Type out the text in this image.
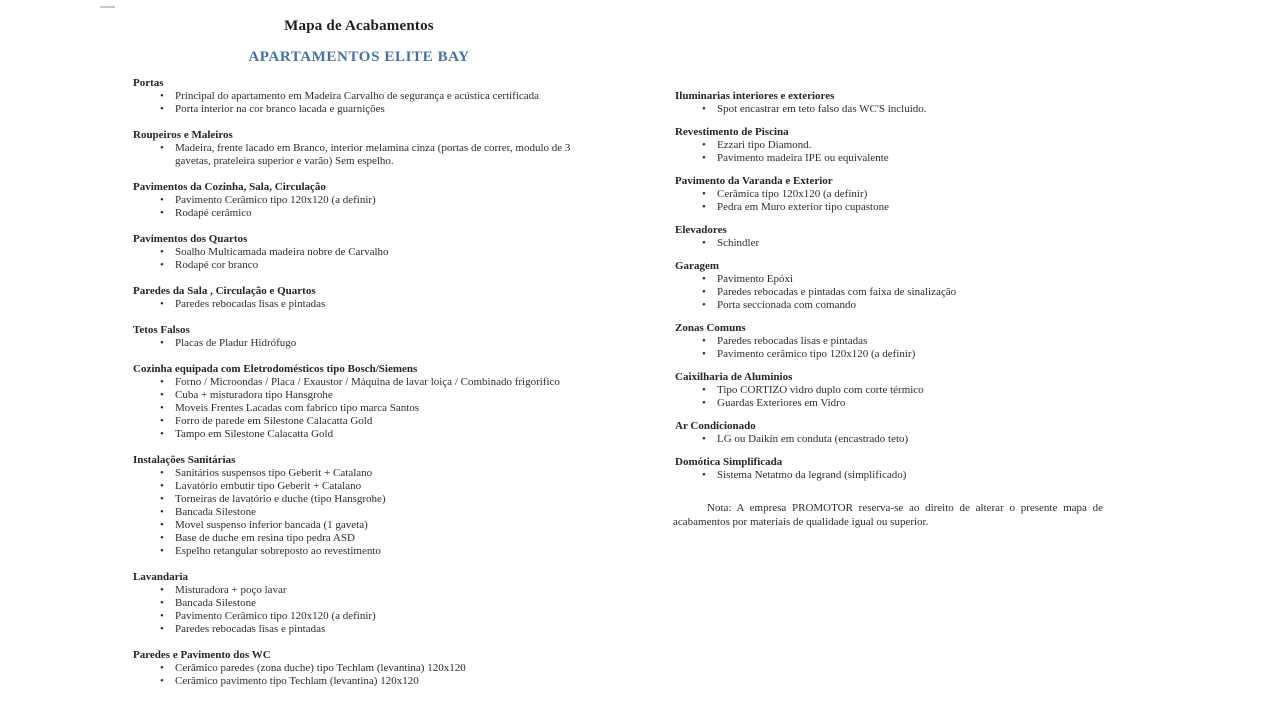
Mapa de Acabamentos
APARTAMENTOS ELITE BAY
Portas
• Principal do apartamento em Madeira Carvalho de segurança e acústica certificada
• Porta interior na cor branco lacada e guarnições
Roupeiros e Maleiros
• Madeira, frente lacado em Branco, interior melamina cinza (portas de correr, modulo de 3 gavetas, prateleira superior e varão) Sem espelho.
Pavimentos da Cozinha, Sala, Circulação
• Pavimento Cerâmico tipo 120x120 (a definir)
• Rodapé cerâmico
Pavimentos dos Quartos
• Soalho Multicamada madeira nobre de Carvalho
• Rodapé cor branco
Paredes da Sala , Circulação e Quartos
• Paredes rebocadas lisas e pintadas
Tetos Falsos
• Placas de Pladur Hidrófugo
Cozinha equipada com Eletrodomésticos tipo Bosch/Siemens
• Forno / Microondas / Placa / Exaustor / Máquina de lavar loiça / Combinado frigorifico
• Cuba + misturadora tipo Hansgrohe
• Moveis Frentes Lacadas com fabrico tipo marca Santos
• Forro de parede em Silestone Calacatta Gold
• Tampo em Silestone Calacatta Gold
Instalações Sanitárias
• Sanitários suspensos tipo Geberit + Catalano
• Lavatório embutir tipo Geberit + Catalano
• Torneiras de lavatório e duche (tipo Hansgrohe)
• Bancada Silestone
• Movel suspenso inferior bancada (1 gaveta)
• Base de duche em resina tipo pedra ASD
• Espelho retangular sobreposto ao revestimento
Lavandaria
• Misturadora + poço lavar
• Bancada Silestone
• Pavimento Cerâmico tipo 120x120 (a definir)
• Paredes rebocadas lisas e pintadas
Paredes e Pavimento dos WC
• Cerâmico paredes (zona duche) tipo Techlam (levantina) 120x120
• Cerâmico pavimento tipo Techlam (levantina) 120x120
Iluminarias interiores e exteriores
• Spot encastrar em teto falso das WC'S incluido.
Revestimento de Piscina
• Ezzari tipo Diamond.
• Pavimento madeira IPE ou equivalente
Pavimento da Varanda e Exterior
• Cerâmica tipo 120x120 (a definir)
• Pedra em Muro exterior tipo cupastone
Elevadores
• Schindler
Garagem
• Pavimento Epóxi
• Paredes rebocadas e pintadas com faixa de sinalização
• Porta seccionada com comando
Zonas Comuns
• Paredes rebocadas lisas e pintadas
• Pavimento cerâmico tipo 120x120 (a definir)
Caixilharia de Aluminios
• Tipo CORTIZO vidro duplo com corte térmico
• Guardas Exteriores em Vidro
Ar Condicionado
• LG ou Daikin em conduta (encastrado teto)
Domótica Simplificada
• Sistema Netatmo da legrand (simplificado)
Nota: A empresa PROMOTOR reserva-se ao direito de alterar o presente mapa de acabamentos por materiais de qualidade igual ou superior.
